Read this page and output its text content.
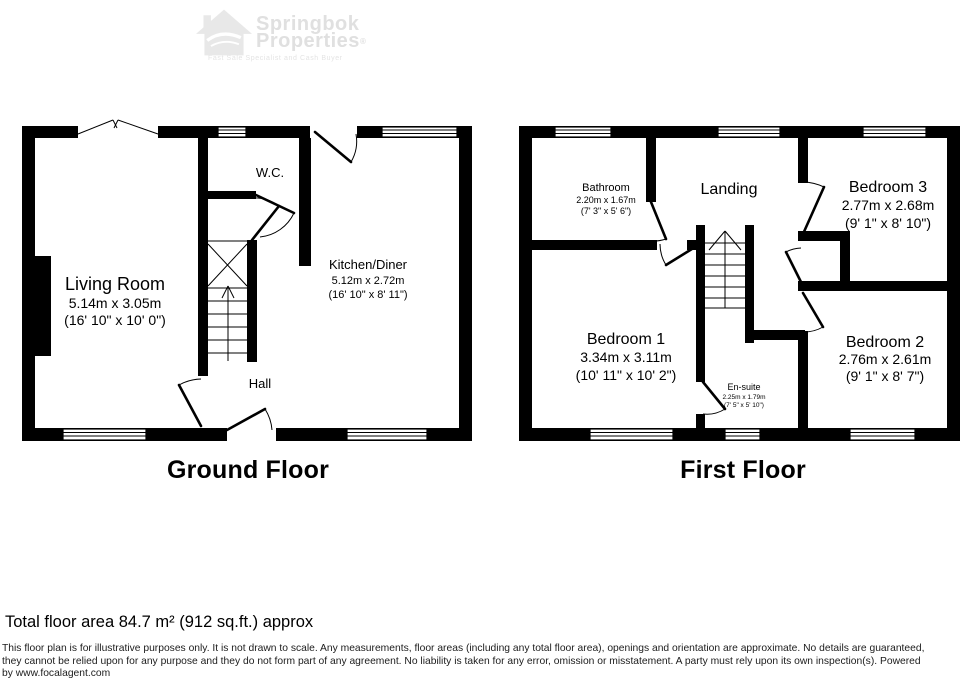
Springbok
Properties®
Fast Sale Specialist and Cash Buyer
Living Room
5.14m x 3.05m
(16' 10" x 10' 0")
W.C.
Kitchen/Diner
5.12m x 2.72m
(16' 10" x 8' 11")
Hall
Bathroom
2.20m x 1.67m
(7' 3" x 5' 6")
Landing	Bedroom 3
2.77m x 2.68m
(9' 1" x 8' 10")
Bedroom 1
3.34m x 3.11m
(10' 11" x 10' 2")
En-suite
2.25m x 1.79m
(7' 5" x 5' 10")
Bedroom 2
2.76m x 2.61m
(9' 1" x 8' 7")
Ground Floor	First Floor
Total floor area 84.7 m² (912 sq.ft.) approx
This floor plan is for illustrative purposes only. It is not drawn to scale. Any measurements, floor areas (including any total floor area), openings and orientation are approximate. No details are guaranteed,
they cannot be relied upon for any purpose and they do not form part of any agreement. No liability is taken for any error, omission or misstatement. A party must rely upon its own inspection(s). Powered
by www.focalagent.com
